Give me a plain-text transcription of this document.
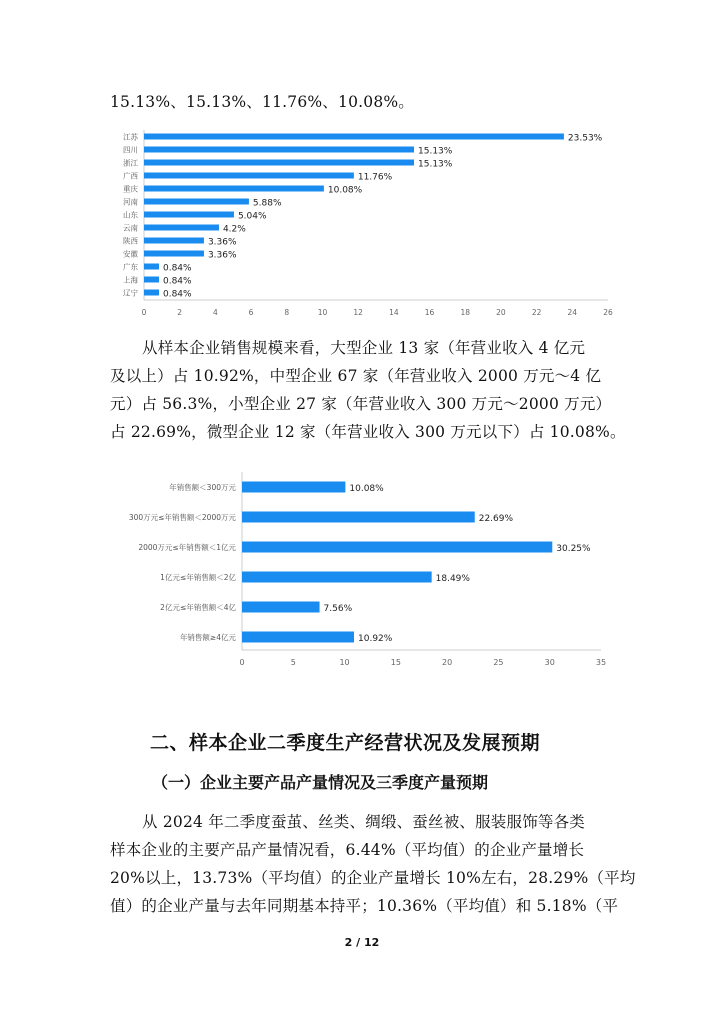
15.13%、15.13%、11.76%、10.08%。
0	2	4	6	8	10	12	14	16	18	20	22	24	26
江苏	23.53%
四川	15.13%
浙江	15.13%
广西	11.76%
重庆	10.08%
河南	5.88%
山东	5.04%
云南	4.2%
陕西	3.36%
安徽	3.36%
广东	0.84%
上海	0.84%
辽宁	0.84%
从样本企业销售规模来看，大型企业 13 家（年营业收入 4 亿元
及以上）占 10.92%，中型企业 67 家（年营业收入 2000 万元～4 亿
元）占 56.3%，小型企业 27 家（年营业收入 300 万元～2000 万元）
占 22.69%，微型企业 12 家（年营业收入 300 万元以下）占 10.08%。
0	5	10	15	20	25	30	35
年销售额＜300万元	10.08%
300万元≤年销售额＜2000万元	22.69%
2000万元≤年销售额＜1亿元	30.25%
1亿元≤年销售额＜2亿	18.49%
2亿元≤年销售额＜4亿	7.56%
年销售额≥4亿元	10.92%
二、样本企业二季度生产经营状况及发展预期
（一）企业主要产品产量情况及三季度产量预期
从 2024 年二季度蚕茧、丝类、绸缎、蚕丝被、服装服饰等各类
样本企业的主要产品产量情况看，6.44%（平均值）的企业产量增长
20%以上，13.73%（平均值）的企业产量增长 10%左右，28.29%（平均
值）的企业产量与去年同期基本持平；10.36%（平均值）和 5.18%（平
2 / 12
